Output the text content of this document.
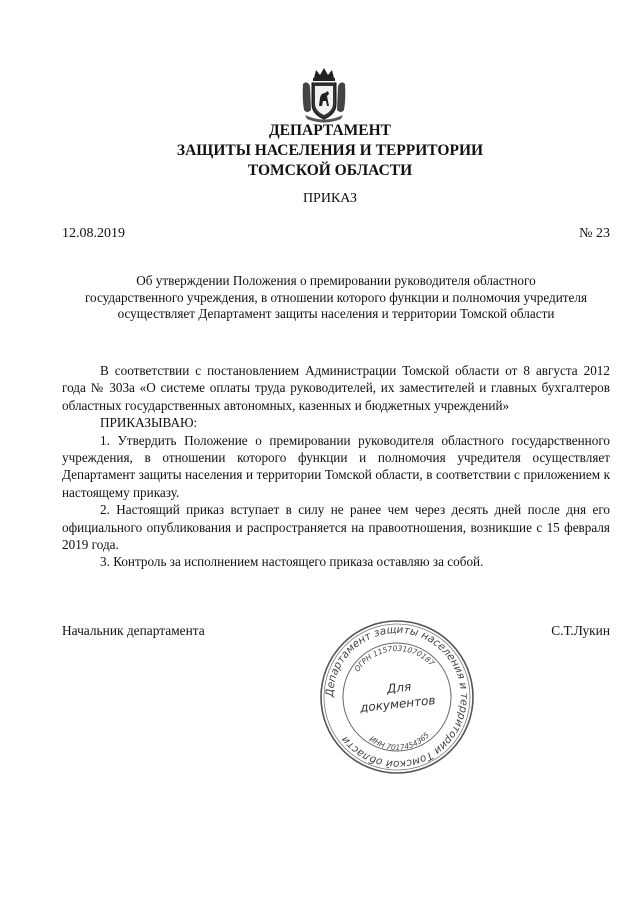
ДЕПАРТАМЕНТ
ЗАЩИТЫ НАСЕЛЕНИЯ И ТЕРРИТОРИИ
ТОМСКОЙ ОБЛАСТИ
ПРИКАЗ
12.08.2019	№ 23
Об утверждении Положения о премировании руководителя областного
государственного учреждения, в отношении которого функции и полномочия учредителя
осуществляет Департамент защиты населения и территории Томской области

В соответствии с постановлением Администрации Томской области от 8 августа 2012 года № 303а «О системе оплаты труда руководителей, их заместителей и главных бухгалтеров областных государственных автономных, казенных и бюджетных учреждений»

ПРИКАЗЫВАЮ:

1. Утвердить Положение о премировании руководителя областного государственного учреждения, в отношении которого функции и полномочия учредителя осуществляет Департамент защиты населения и территории Томской области, в соответствии с приложением к настоящему приказу.

2. Настоящий приказ вступает в силу не ранее чем через десять дней после дня его официального опубликования и распространяется на правоотношения, возникшие с 15 февраля 2019 года.

3. Контроль за исполнением настоящего приказа оставляю за собой.

Начальник департамента	С.Т.Лукин
Департамент защиты населения и территории Томской области
ОГРН 1157031070187
ИНН 7017454365
Для
документов
